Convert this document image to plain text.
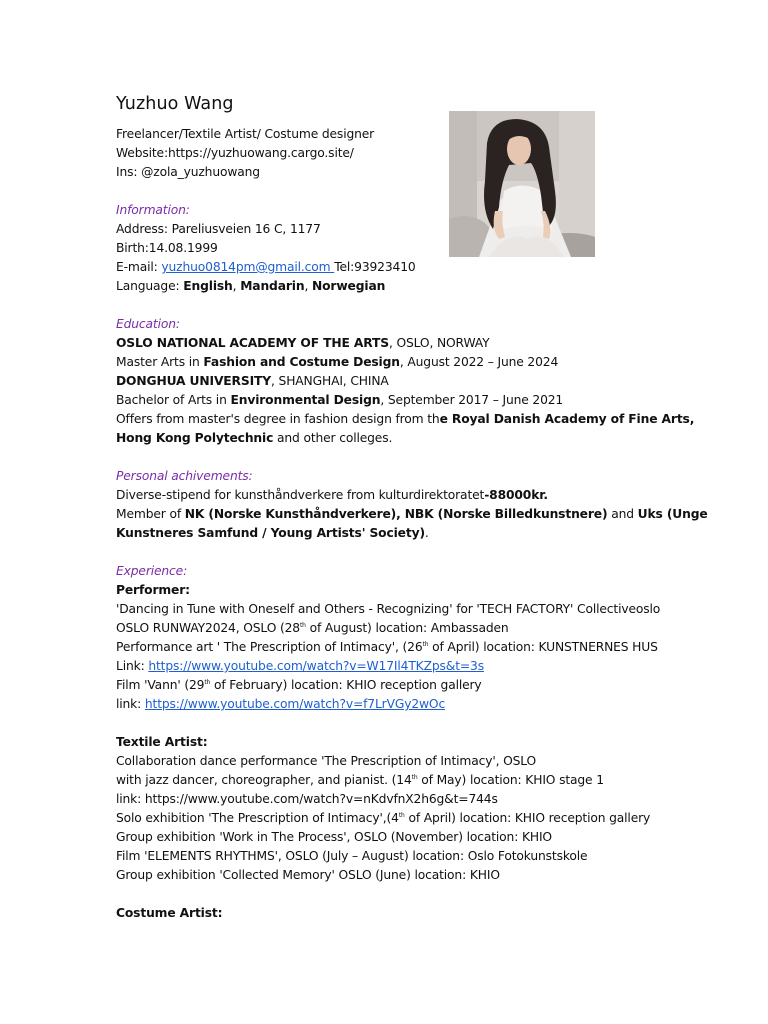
Yuzhuo Wang
Freelancer/Textile Artist/ Costume designer
Website:https://yuzhuowang.cargo.site/
Ins: @zola_yuzhuowang
Information:
Address: Pareliusveien 16 C, 1177
Birth:14.08.1999
E-mail: yuzhuo0814pm@gmail.com Tel:93923410
Language: English, Mandarin, Norwegian
Education:
OSLO NATIONAL ACADEMY OF THE ARTS, OSLO, NORWAY
Master Arts in Fashion and Costume Design, August 2022 – June 2024
DONGHUA UNIVERSITY, SHANGHAI, CHINA
Bachelor of Arts in Environmental Design, September 2017 – June 2021
Offers from master's degree in fashion design from the Royal Danish Academy of Fine Arts,
Hong Kong Polytechnic and other colleges.
Personal achivements:
Diverse-stipend for kunsthåndverkere from kulturdirektoratet-88000kr.
Member of NK (Norske Kunsthåndverkere), NBK (Norske Billedkunstnere) and Uks (Unge
Kunstneres Samfund / Young Artists' Society).
Experience:
Performer:
'Dancing in Tune with Oneself and Others - Recognizing' for 'TECH FACTORY' Collectiveoslo
OSLO RUNWAY2024, OSLO (28th of August) location: Ambassaden
Performance art ' The Prescription of Intimacy', (26th of April) location: KUNSTNERNES HUS
Link: https://www.youtube.com/watch?v=W17Il4TKZps&t=3s
Film 'Vann' (29th of February) location: KHIO reception gallery
link: https://www.youtube.com/watch?v=f7LrVGy2wOc
Textile Artist:
Collaboration dance performance 'The Prescription of Intimacy', OSLO
with jazz dancer, choreographer, and pianist. (14th of May) location: KHIO stage 1
link: https://www.youtube.com/watch?v=nKdvfnX2h6g&t=744s
Solo exhibition 'The Prescription of Intimacy',(4th of April) location: KHIO reception gallery
Group exhibition 'Work in The Process', OSLO (November) location: KHIO
Film 'ELEMENTS RHYTHMS', OSLO (July – August) location: Oslo Fotokunstskole
Group exhibition 'Collected Memory' OSLO (June) location: KHIO
Costume Artist:
